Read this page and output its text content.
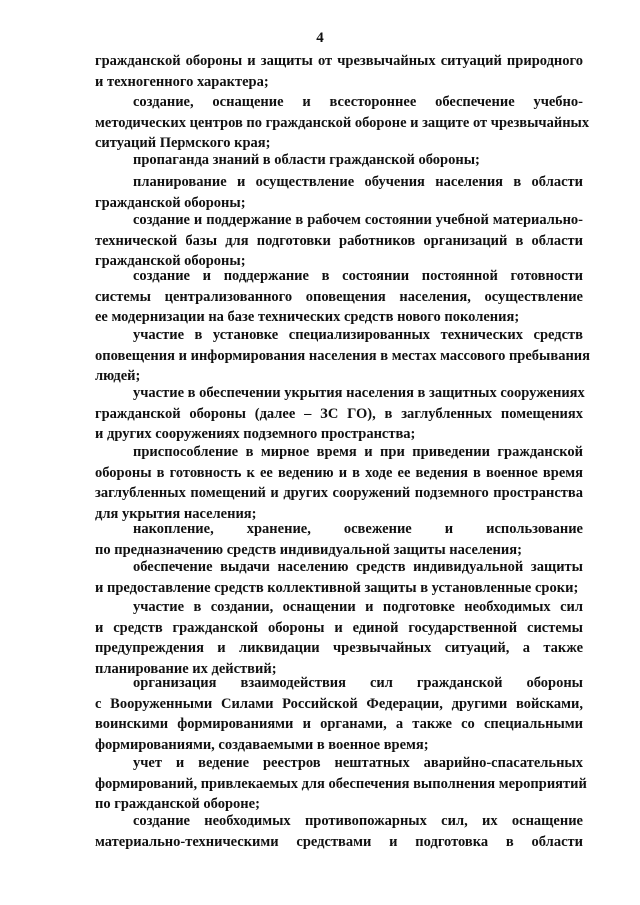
4
гражданской обороны и защиты от чрезвычайных ситуаций природного
и техногенного характера;
создание, оснащение и всестороннее обеспечение учебно-
методических центров по гражданской обороне и защите от чрезвычайных
ситуаций Пермского края;
пропаганда знаний в области гражданской обороны;
планирование и осуществление обучения населения в области
гражданской обороны;
создание и поддержание в рабочем состоянии учебной материально-
технической базы для подготовки работников организаций в области
гражданской обороны;
создание и поддержание в состоянии постоянной готовности
системы централизованного оповещения населения, осуществление
ее модернизации на базе технических средств нового поколения;
участие в установке специализированных технических средств
оповещения и информирования населения в местах массового пребывания
людей;
участие в обеспечении укрытия населения в защитных сооружениях
гражданской обороны (далее – ЗС ГО), в заглубленных помещениях
и других сооружениях подземного пространства;
приспособление в мирное время и при приведении гражданской
обороны в готовность к ее ведению и в ходе ее ведения в военное время
заглубленных помещений и других сооружений подземного пространства
для укрытия населения;
накопление, хранение, освежение и использование
по предназначению средств индивидуальной защиты населения;
обеспечение выдачи населению средств индивидуальной защиты
и предоставление средств коллективной защиты в установленные сроки;
участие в создании, оснащении и подготовке необходимых сил
и средств гражданской обороны и единой государственной системы
предупреждения и ликвидации чрезвычайных ситуаций, а также
планирование их действий;
организация взаимодействия сил гражданской обороны
с Вооруженными Силами Российской Федерации, другими войсками,
воинскими формированиями и органами, а также со специальными
формированиями, создаваемыми в военное время;
учет и ведение реестров нештатных аварийно-спасательных
формирований, привлекаемых для обеспечения выполнения мероприятий
по гражданской обороне;
создание необходимых противопожарных сил, их оснащение
материально-техническими средствами и подготовка в области
